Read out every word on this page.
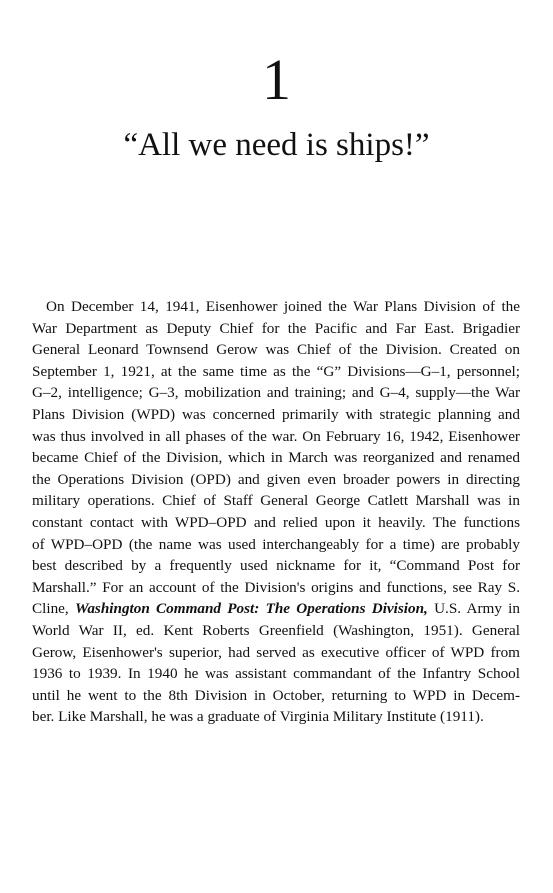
1
“All we need is ships!”
On December 14, 1941, Eisenhower joined the War Plans Division of the
War Department as Deputy Chief for the Pacific and Far East. Brigadier
General Leonard Townsend Gerow was Chief of the Division. Created on
September 1, 1921, at the same time as the “G” Divisions—G–1, personnel;
G–2, intelligence; G–3, mobilization and training; and G–4, supply—the War
Plans Division (WPD) was concerned primarily with strategic planning and
was thus involved in all phases of the war. On February 16, 1942, Eisenhower
became Chief of the Division, which in March was reorganized and renamed
the Operations Division (OPD) and given even broader powers in directing
military operations. Chief of Staff General George Catlett Marshall was in
constant contact with WPD–OPD and relied upon it heavily. The functions
of WPD–OPD (the name was used interchangeably for a time) are probably
best described by a frequently used nickname for it, “Command Post for
Marshall.” For an account of the Division's origins and functions, see Ray S.
Cline, Washington Command Post: The Operations Division, U.S. Army in
World War II, ed. Kent Roberts Greenfield (Washington, 1951). General
Gerow, Eisenhower's superior, had served as executive officer of WPD from
1936 to 1939. In 1940 he was assistant commandant of the Infantry School
until he went to the 8th Division in October, returning to WPD in Decem-
ber. Like Marshall, he was a graduate of Virginia Military Institute (1911).
